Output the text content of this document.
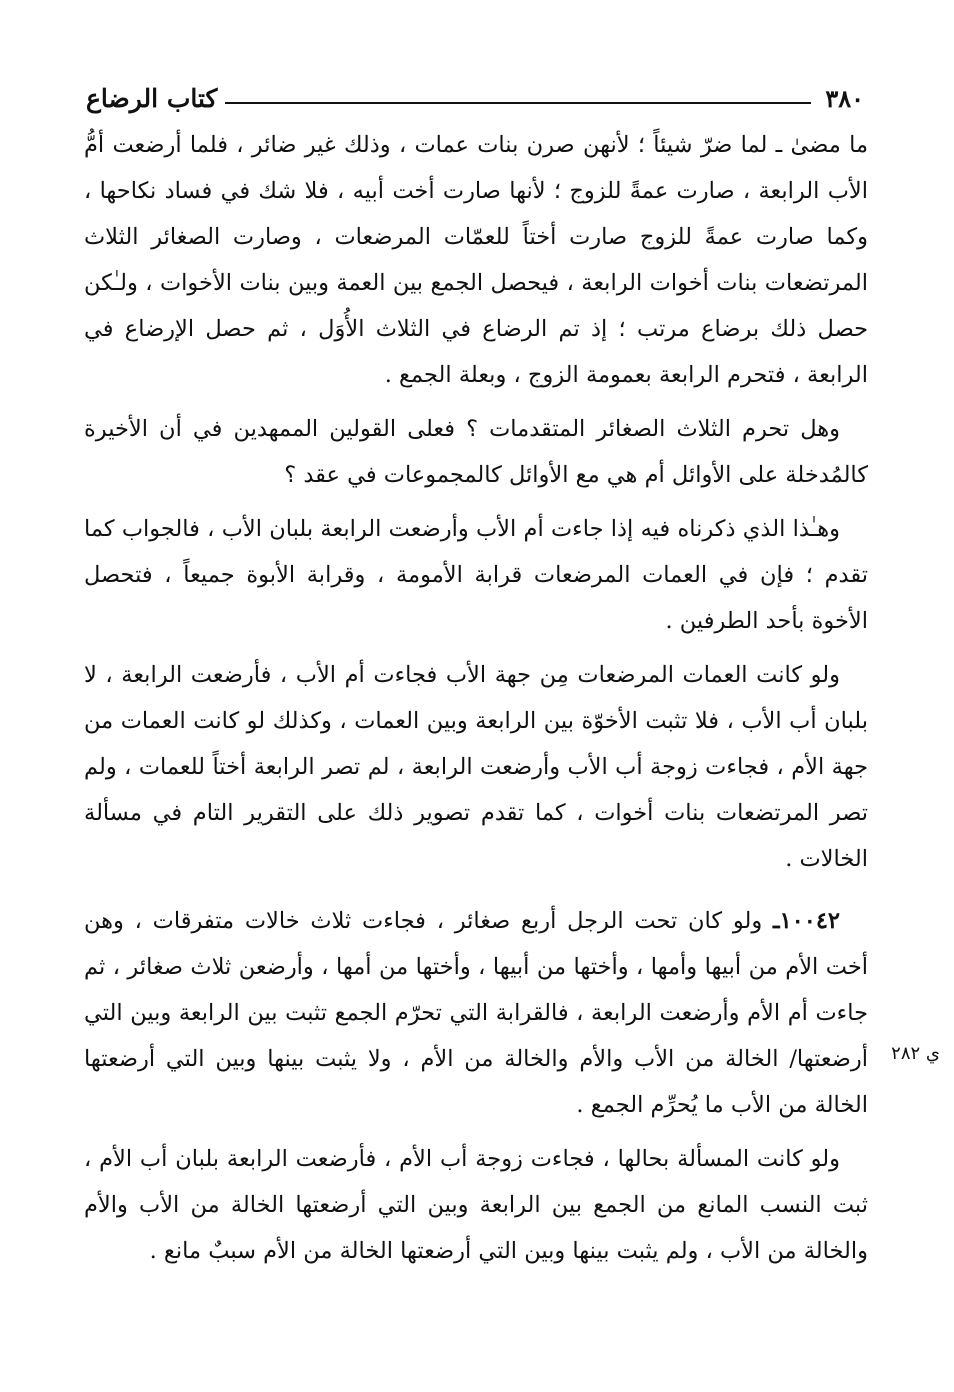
٣٨٠
كتاب الرضاع

ما مضىٰ ـ لما ضرّ شيئاً ؛ لأنهن صرن بنات عمات ، وذلك غير ضائر ، فلما أرضعت أمُّ الأب الرابعة ، صارت عمةً للزوج ؛ لأنها صارت أخت أبيه ، فلا شك في فساد نكاحها ، وكما صارت عمةً للزوج صارت أختاً للعمّات المرضعات ، وصارت الصغائر الثلاث المرتضعات بنات أخوات الرابعة ، فيحصل الجمع بين العمة وبين بنات الأخوات ، ولـٰكن حصل ذلك برضاع مرتب ؛ إذ تم الرضاع في الثلاث الأُوَل ، ثم حصل الإرضاع في الرابعة ، فتحرم الرابعة بعمومة الزوج ، وبعلة الجمع .

وهل تحرم الثلاث الصغائر المتقدمات ؟ فعلى القولين الممهدين في أن الأخيرة كالمُدخلة على الأوائل أم هي مع الأوائل كالمجموعات في عقد ؟

وهـٰذا الذي ذكرناه فيه إذا جاءت أم الأب وأرضعت الرابعة بلبان الأب ، فالجواب كما تقدم ؛ فإن في العمات المرضعات قرابة الأمومة ، وقرابة الأبوة جميعاً ، فتحصل الأخوة بأحد الطرفين .

ولو كانت العمات المرضعات مِن جهة الأب فجاءت أم الأب ، فأرضعت الرابعة ، لا بلبان أب الأب ، فلا تثبت الأخوّة بين الرابعة وبين العمات ، وكذلك لو كانت العمات من جهة الأم ، فجاءت زوجة أب الأب وأرضعت الرابعة ، لم تصر الرابعة أختاً للعمات ، ولم تصر المرتضعات بنات أخوات ، كما تقدم تصوير ذلك على التقرير التام في مسألة الخالات .

١٠٠٤٢ـ ولو كان تحت الرجل أربع صغائر ، فجاءت ثلاث خالات متفرقات ، وهن أخت الأم من أبيها وأمها ، وأختها من أبيها ، وأختها من أمها ، وأرضعن ثلاث صغائر ، ثم جاءت أم الأم وأرضعت الرابعة ، فالقرابة التي تحرّم الجمع تثبت بين الرابعة وبين التي أرضعتها/ الخالة من الأب والأم والخالة من الأم ، ولا يثبت بينها وبين التي أرضعتها الخالة من الأب ما يُحرِّم الجمع .

ولو كانت المسألة بحالها ، فجاءت زوجة أب الأم ، فأرضعت الرابعة بلبان أب الأم ، ثبت النسب المانع من الجمع بين الرابعة وبين التي أرضعتها الخالة من الأب والأم والخالة من الأب ، ولم يثبت بينها وبين التي أرضعتها الخالة من الأم سببٌ مانع .

ي ٢٨٢
